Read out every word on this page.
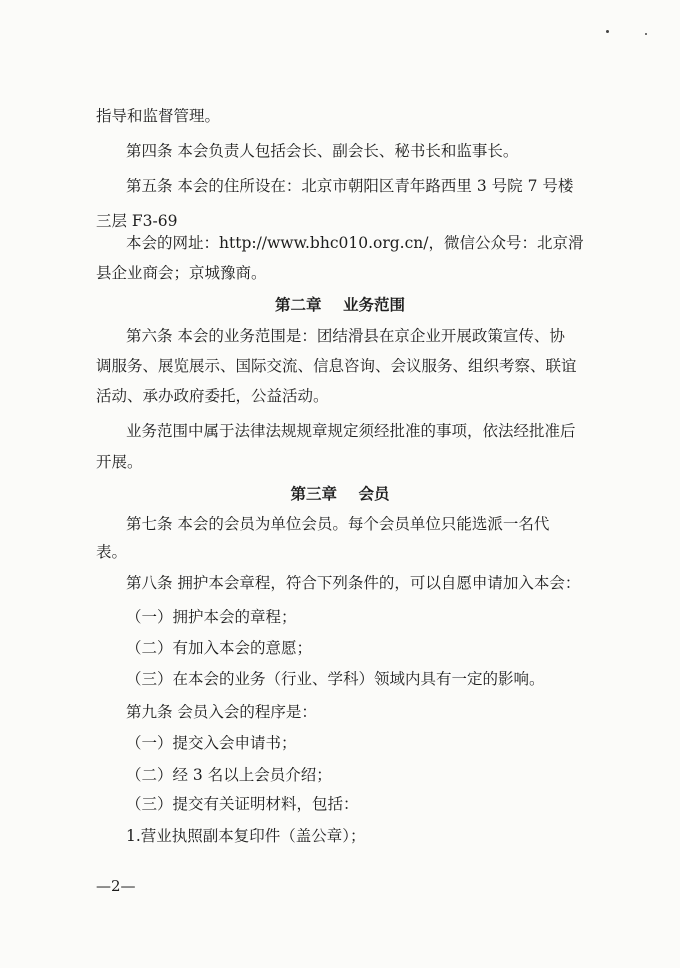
指导和监督管理。
第四条 本会负责人包括会长、副会长、秘书长和监事长。
第五条 本会的住所设在：北京市朝阳区青年路西里 3 号院 7 号楼
三层 F3-69
本会的网址：http://www.bhc010.org.cn/，微信公众号：北京滑
县企业商会；京城豫商。
第二章    业务范围
第六条 本会的业务范围是：团结滑县在京企业开展政策宣传、协
调服务、展览展示、国际交流、信息咨询、会议服务、组织考察、联谊
活动、承办政府委托，公益活动。
业务范围中属于法律法规规章规定须经批准的事项，依法经批准后
开展。
第三章    会员
第七条 本会的会员为单位会员。每个会员单位只能选派一名代
表。
第八条 拥护本会章程，符合下列条件的，可以自愿申请加入本会：
（一）拥护本会的章程；
（二）有加入本会的意愿；
（三）在本会的业务（行业、学科）领域内具有一定的影响。
第九条 会员入会的程序是：
（一）提交入会申请书；
（二）经 3 名以上会员介绍；
（三）提交有关证明材料，包括：
1.营业执照副本复印件（盖公章）；
—2—
